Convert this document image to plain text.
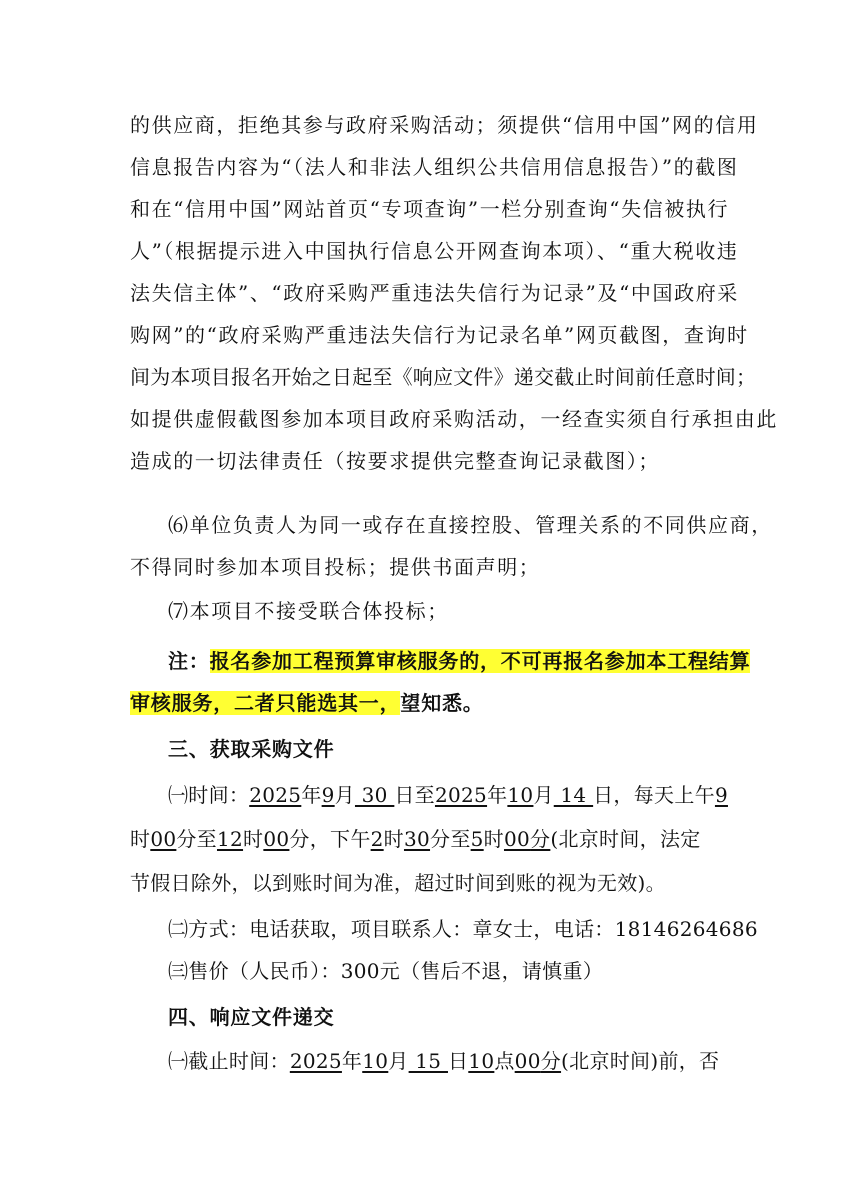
的供应商，拒绝其参与政府采购活动；须提供“信用中国”网的信用
信息报告内容为“（法人和非法人组织公共信用信息报告）”的截图
和在“信用中国”网站首页“专项查询”一栏分别查询“失信被执行
人”（根据提示进入中国执行信息公开网查询本项）、“重大税收违
法失信主体”、“政府采购严重违法失信行为记录”及“中国政府采
购网”的“政府采购严重违法失信行为记录名单”网页截图，查询时
间为本项目报名开始之日起至《响应文件》递交截止时间前任意时间；
如提供虚假截图参加本项目政府采购活动，一经查实须自行承担由此
造成的一切法律责任（按要求提供完整查询记录截图）；
⑹单位负责人为同一或存在直接控股、管理关系的不同供应商，
不得同时参加本项目投标；提供书面声明；
⑺本项目不接受联合体投标；
注：报名参加工程预算审核服务的，不可再报名参加本工程结算
审核服务，二者只能选其一，望知悉。
三、获取采购文件
㈠时间：2025年9月 30 日至2025年10月 14 日，每天上午9
时00分至12时00分，下午2时30分至5时00分(北京时间，法定
节假日除外，以到账时间为准，超过时间到账的视为无效)。
㈡方式：电话获取，项目联系人：章女士，电话：18146264686
㈢售价（人民币）：300元（售后不退，请慎重）
四、响应文件递交
㈠截止时间：2025年10月 15 日10点00分(北京时间)前，否
